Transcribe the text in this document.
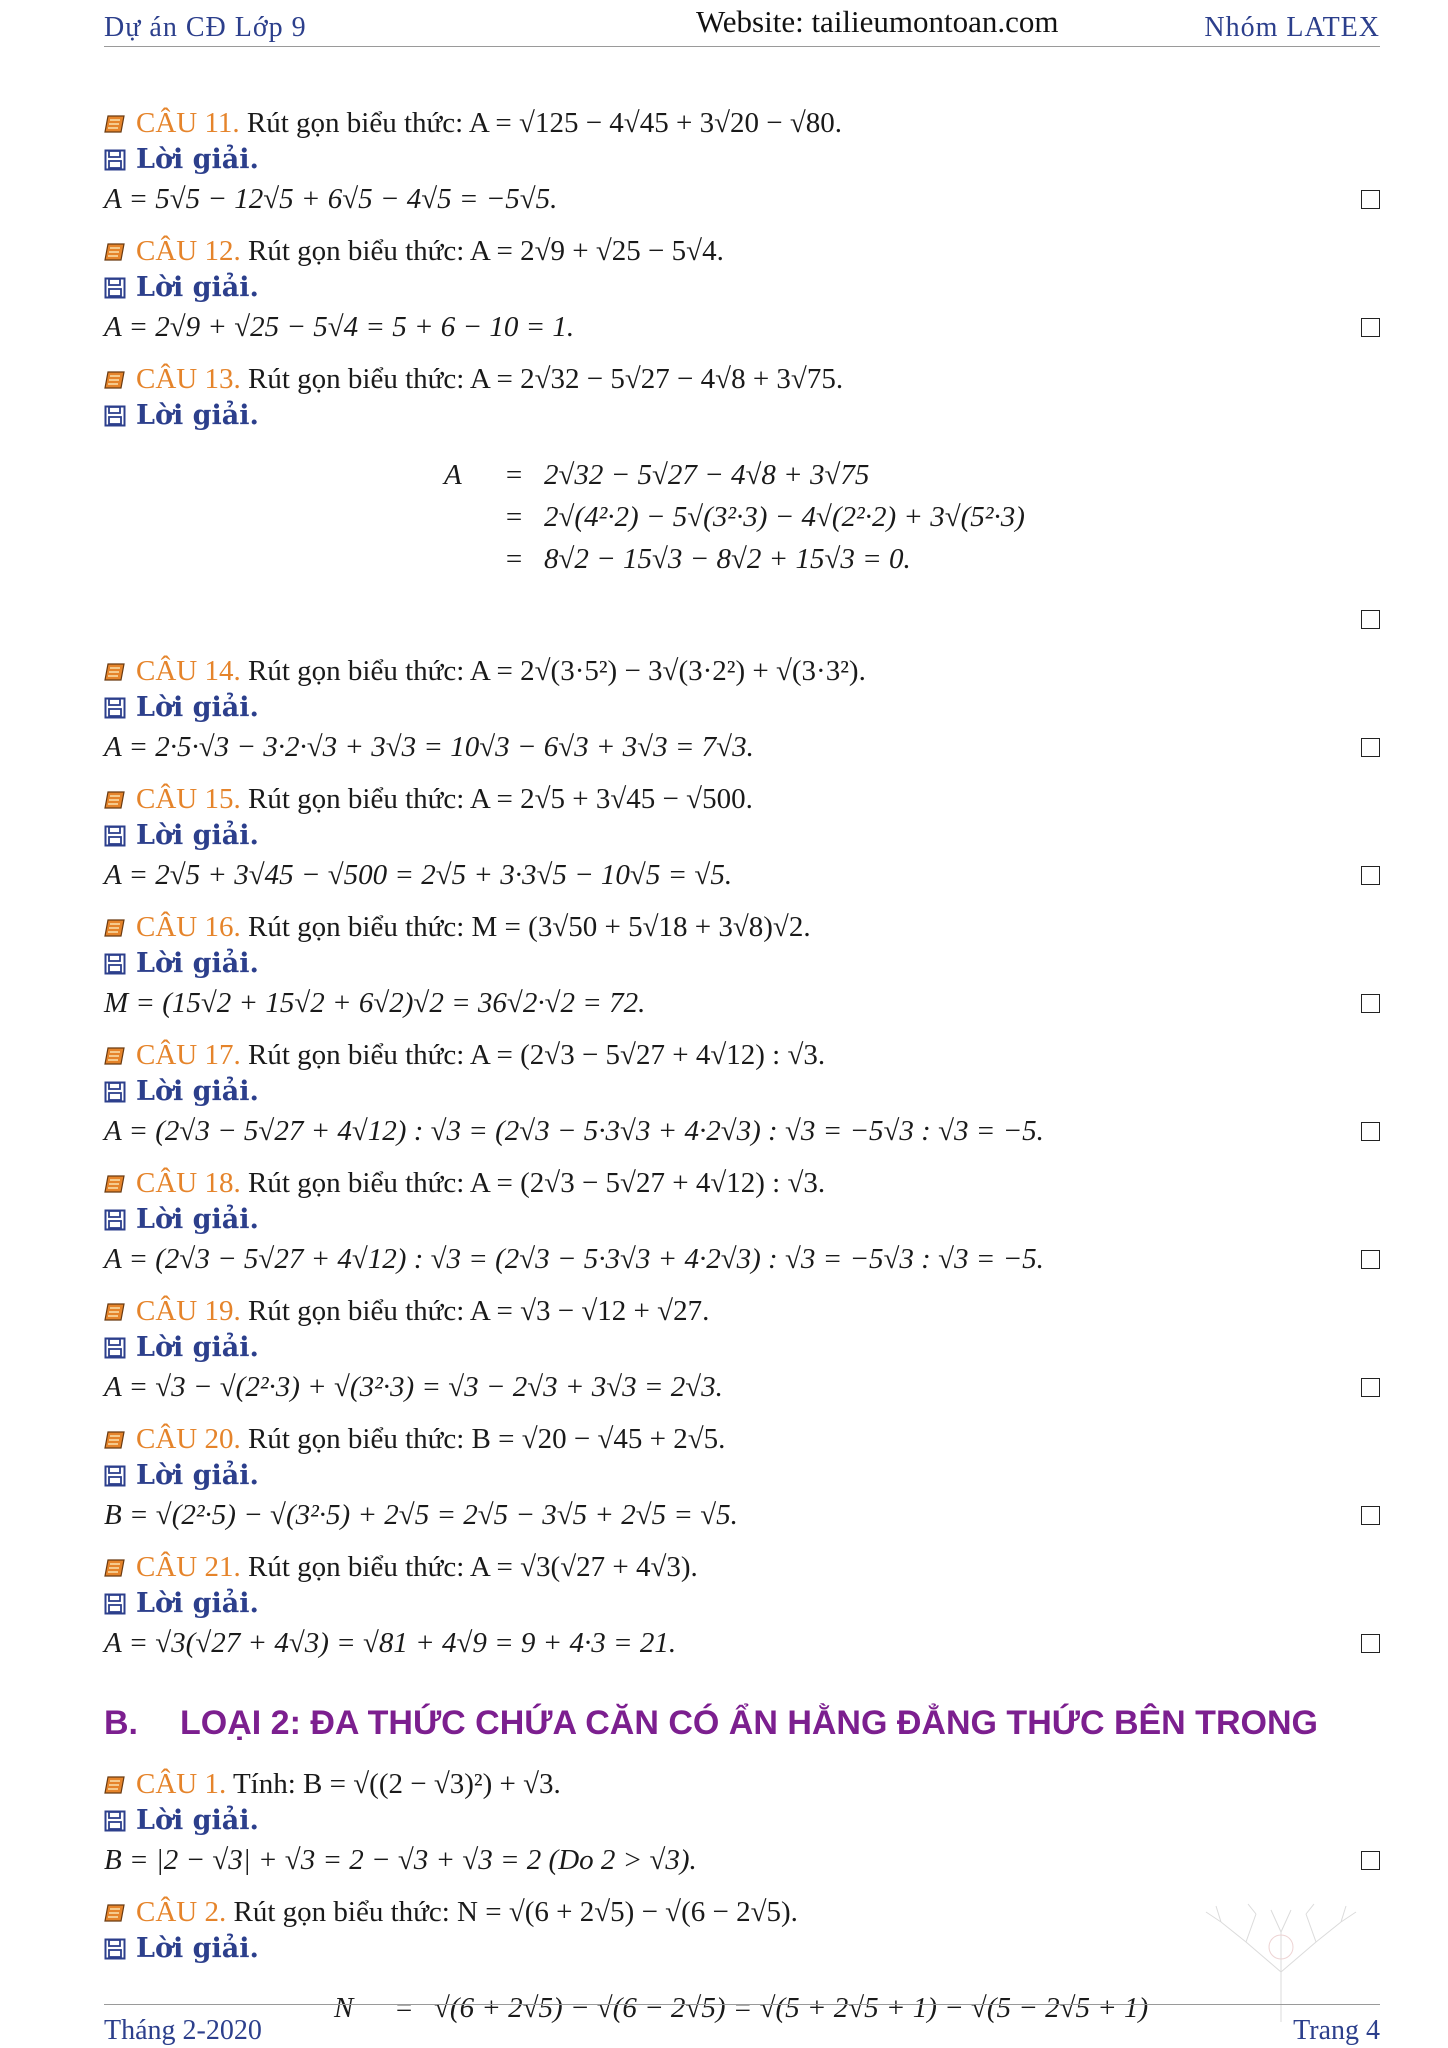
Dự án CĐ Lớp 9	Website: tailieumontoan.com	Nhóm LATEX

CÂU 11. Rút gọn biểu thức: A = √125 − 4√45 + 3√20 − √80.

Lời giải.
A = 5√5 − 12√5 + 6√5 − 4√5 = −5√5.

CÂU 12. Rút gọn biểu thức: A = 2√9 + √25 − 5√4.

Lời giải.
A = 2√9 + √25 − 5√4 = 5 + 6 − 10 = 1.

CÂU 13. Rút gọn biểu thức: A = 2√32 − 5√27 − 4√8 + 3√75.

Lời giải.
A	= 2√32 − 5√27 − 4√8 + 3√75
= 2√(4²·2) − 5√(3²·3) − 4√(2²·2) + 3√(5²·3)
= 8√2 − 15√3 − 8√2 + 15√3 = 0.

CÂU 14. Rút gọn biểu thức: A = 2√(3·5²) − 3√(3·2²) + √(3·3²).

Lời giải.
A = 2·5·√3 − 3·2·√3 + 3√3 = 10√3 − 6√3 + 3√3 = 7√3.

CÂU 15. Rút gọn biểu thức: A = 2√5 + 3√45 − √500.

Lời giải.
A = 2√5 + 3√45 − √500 = 2√5 + 3·3√5 − 10√5 = √5.

CÂU 16. Rút gọn biểu thức: M = (3√50 + 5√18 + 3√8)√2.

Lời giải.
M = (15√2 + 15√2 + 6√2)√2 = 36√2·√2 = 72.

CÂU 17. Rút gọn biểu thức: A = (2√3 − 5√27 + 4√12) : √3.

Lời giải.
A = (2√3 − 5√27 + 4√12) : √3 = (2√3 − 5·3√3 + 4·2√3) : √3 = −5√3 : √3 = −5.

CÂU 18. Rút gọn biểu thức: A = (2√3 − 5√27 + 4√12) : √3.

Lời giải.
A = (2√3 − 5√27 + 4√12) : √3 = (2√3 − 5·3√3 + 4·2√3) : √3 = −5√3 : √3 = −5.

CÂU 19. Rút gọn biểu thức: A = √3 − √12 + √27.

Lời giải.
A = √3 − √(2²·3) + √(3²·3) = √3 − 2√3 + 3√3 = 2√3.

CÂU 20. Rút gọn biểu thức: B = √20 − √45 + 2√5.

Lời giải.
B = √(2²·5) − √(3²·5) + 2√5 = 2√5 − 3√5 + 2√5 = √5.

CÂU 21. Rút gọn biểu thức: A = √3(√27 + 4√3).

Lời giải.
A = √3(√27 + 4√3) = √81 + 4√9 = 9 + 4·3 = 21.
B. LOẠI 2: ĐA THỨC CHỨA CĂN CÓ ẨN HẰNG ĐẲNG THỨC BÊN TRONG

CÂU 1. Tính: B = √((2 − √3)²) + √3.

Lời giải.
B = |2 − √3| + √3 = 2 − √3 + √3 = 2 (Do 2 > √3).

CÂU 2. Rút gọn biểu thức: N = √(6 + 2√5) − √(6 − 2√5).

Lời giải.
N	= √(6 + 2√5) − √(6 − 2√5) = √(5 + 2√5 + 1) − √(5 − 2√5 + 1)
Tháng 2-2020	Trang 4
